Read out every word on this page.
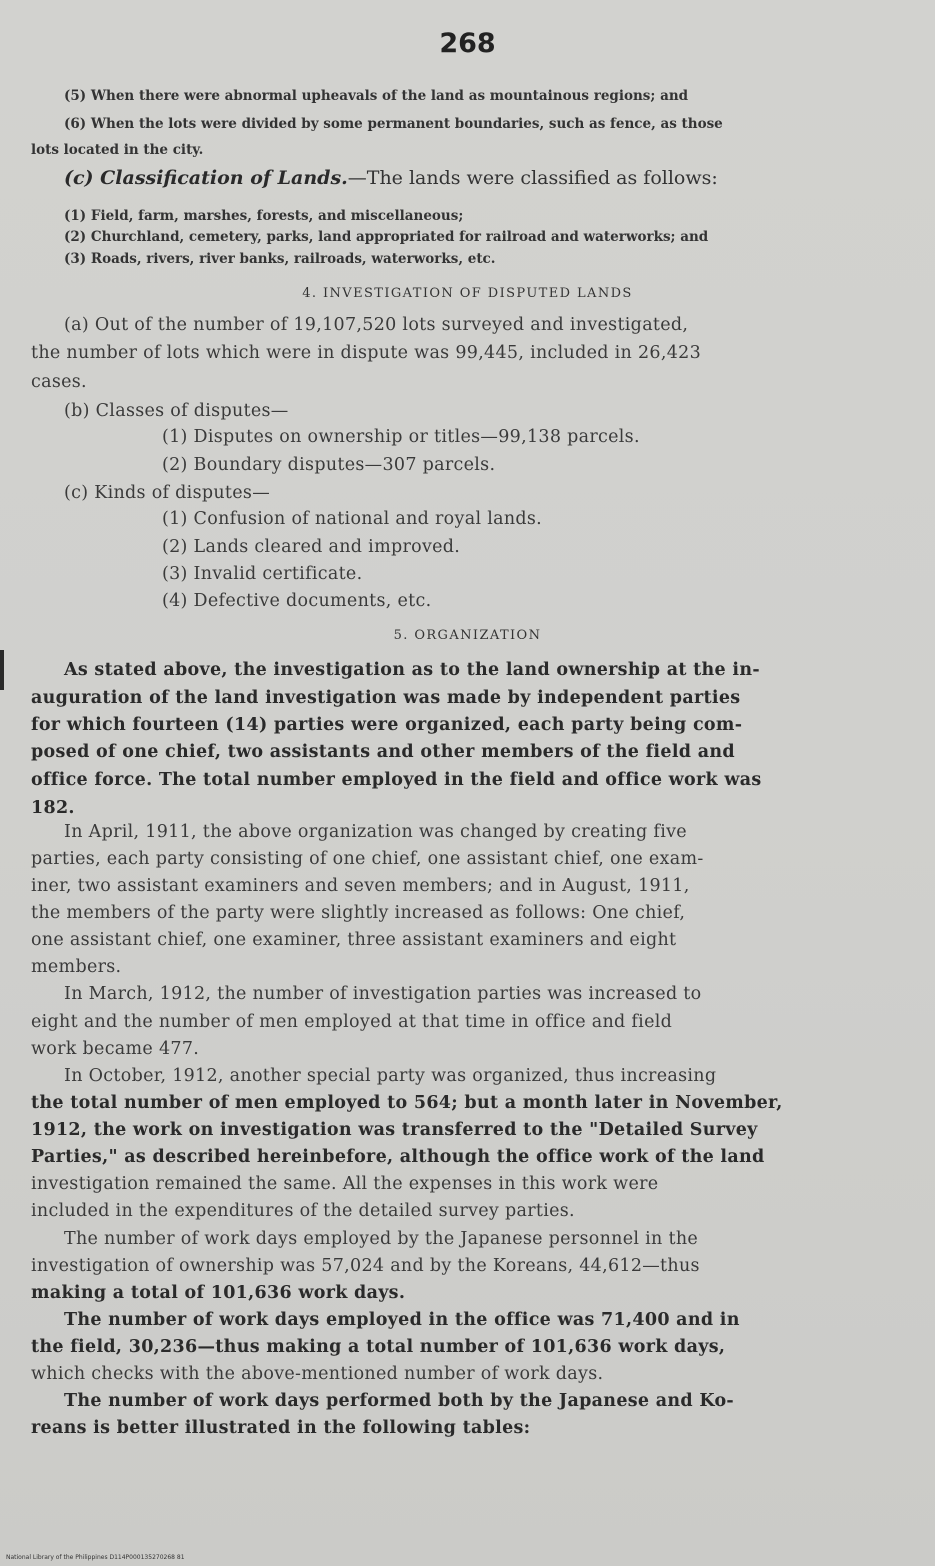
268
(5) When there were abnormal upheavals of the land as mountainous regions; and
(6) When the lots were divided by some permanent boundaries, such as fence, as those
lots located in the city.
(c) Classification of Lands.—The lands were classified as follows:
(1) Field, farm, marshes, forests, and miscellaneous;
(2) Churchland, cemetery, parks, land appropriated for railroad and waterworks; and
(3) Roads, rivers, river banks, railroads, waterworks, etc.
4. INVESTIGATION OF DISPUTED LANDS
(a) Out of the number of 19,107,520 lots surveyed and investigated,
the number of lots which were in dispute was 99,445, included in 26,423
cases.
(b) Classes of disputes—
(1) Disputes on ownership or titles—99,138 parcels.
(2) Boundary disputes—307 parcels.
(c) Kinds of disputes—
(1) Confusion of national and royal lands.
(2) Lands cleared and improved.
(3) Invalid certificate.
(4) Defective documents, etc.
5. ORGANIZATION
As stated above, the investigation as to the land ownership at the in-
auguration of the land investigation was made by independent parties
for which fourteen (14) parties were organized, each party being com-
posed of one chief, two assistants and other members of the field and
office force. The total number employed in the field and office work was
182.
In April, 1911, the above organization was changed by creating five
parties, each party consisting of one chief, one assistant chief, one exam-
iner, two assistant examiners and seven members; and in August, 1911,
the members of the party were slightly increased as follows: One chief,
one assistant chief, one examiner, three assistant examiners and eight
members.
In March, 1912, the number of investigation parties was increased to
eight and the number of men employed at that time in office and field
work became 477.
In October, 1912, another special party was organized, thus increasing
the total number of men employed to 564; but a month later in November,
1912, the work on investigation was transferred to the "Detailed Survey
Parties," as described hereinbefore, although the office work of the land
investigation remained the same. All the expenses in this work were
included in the expenditures of the detailed survey parties.
The number of work days employed by the Japanese personnel in the
investigation of ownership was 57,024 and by the Koreans, 44,612—thus
making a total of 101,636 work days.
The number of work days employed in the office was 71,400 and in
the field, 30,236—thus making a total number of 101,636 work days,
which checks with the above-mentioned number of work days.
The number of work days performed both by the Japanese and Ko-
reans is better illustrated in the following tables:
National Library of the Philippines D114P000135270268 81
